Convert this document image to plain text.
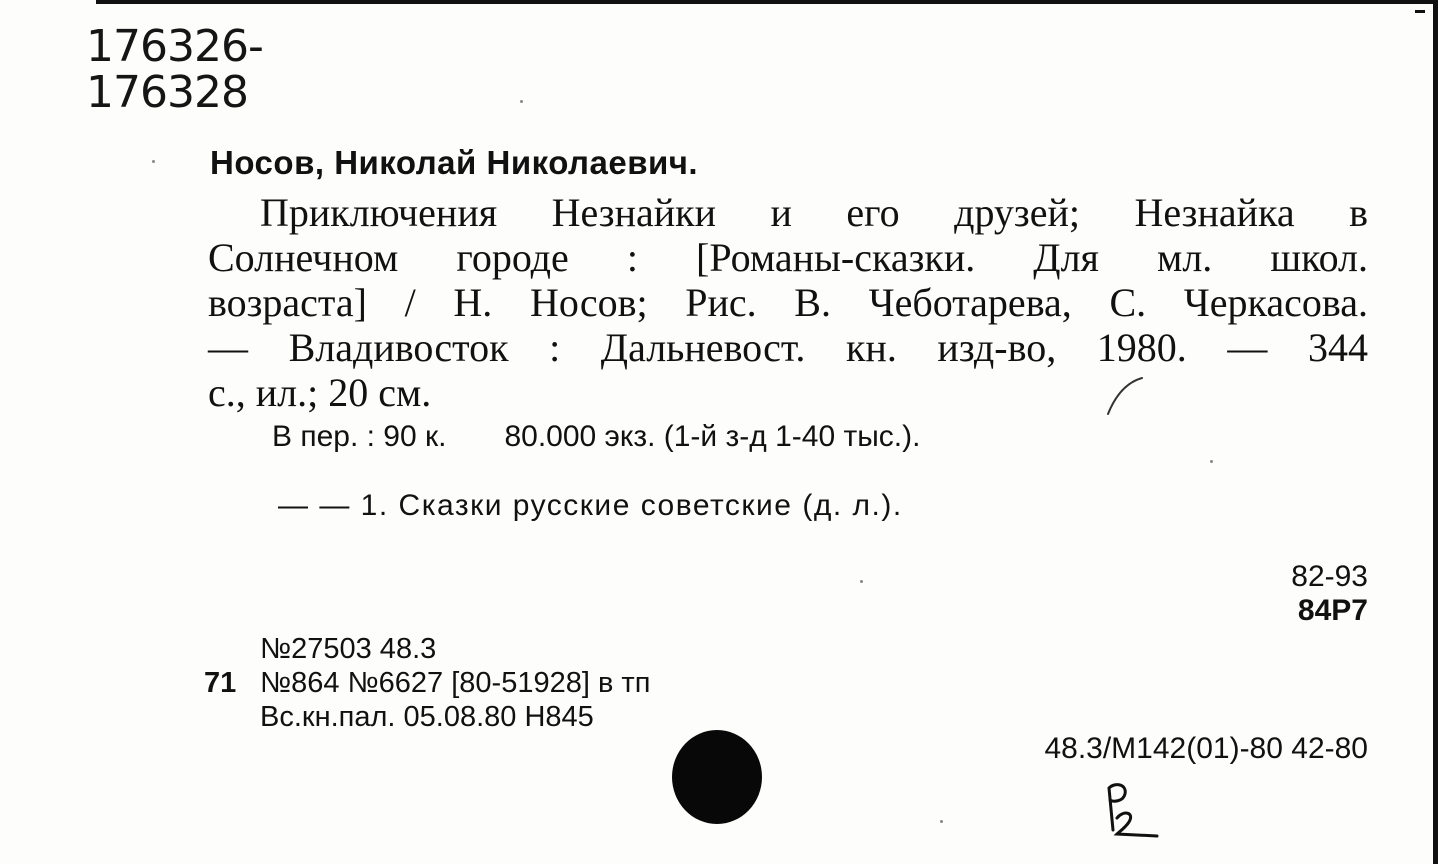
176326-
176328
Носов, Николай Николаевич.
Приключения Незнайки и его друзей; Незнайка в
Солнечном городе : [Романы-сказки. Для мл. школ.
возраста] / Н. Носов; Рис. В. Чеботарева, С. Черкасова.
— Владивосток : Дальневост. кн. изд-во, 1980. — 344
с., ил.; 20 см.
В пер. : 90 к. 80.000 экз. (1-й з-д 1-40 тыс.).
— — 1. Сказки русские советские (д. л.).
82-93
84Р7
№27503 48.3
71 №864 №6627 [80-51928] в тп
Вс.кн.пал. 05.08.80 Н845
48.3/М142(01)-80 42-80
